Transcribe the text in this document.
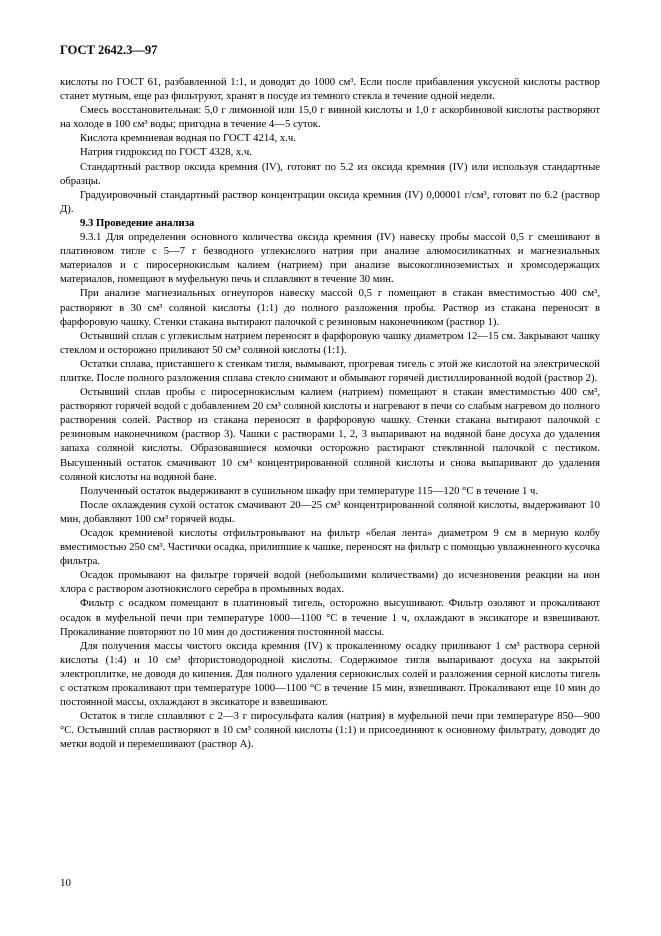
ГОСТ 2642.3—97

кислоты по ГОСТ 61, разбавленной 1:1, и доводят до 1000 см³. Если после прибавления уксусной кислоты раствор станет мутным, еще раз фильтруют, хранят в посуде из темного стекла в течение одной недели.

Смесь восстановительная: 5,0 г лимонной или 15,0 г винной кислоты и 1,0 г аскорбиновой кислоты растворяют на холоде в 100 см³ воды; пригодна в течение 4—5 суток.

Кислота кремниевая водная по ГОСТ 4214, х.ч.

Натрия гидроксид по ГОСТ 4328, х.ч.

Стандартный раствор оксида кремния (IV), готовят по 5.2 из оксида кремния (IV) или используя стандартные образцы.

Градуировочный стандартный раствор концентрации оксида кремния (IV) 0,00001 г/см³, готовят по 6.2 (раствор Д).

9.3 Проведение анализа

9.3.1 Для определения основного количества оксида кремния (IV) навеску пробы массой 0,5 г смешивают в платиновом тигле с 5—7 г безводного углекислого натрия при анализе алюмосиликатных и магнезиальных материалов и с пиросернокислым калием (натрием) при анализе высокоглиноземистых и хромсодержащих материалов, помещают в муфельную печь и сплавляют в течение 30 мин.

При анализе магнезиальных огнеупоров навеску массой 0,5 г помещают в стакан вместимостью 400 см³, растворяют в 30 см³ соляной кислоты (1:1) до полного разложения пробы. Раствор из стакана переносят в фарфоровую чашку. Стенки стакана вытирают палочкой с резиновым наконечником (раствор 1).

Остывший сплав с углекислым натрием переносят в фарфоровую чашку диаметром 12—15 см. Закрывают чашку стеклом и осторожно приливают 50 см³ соляной кислоты (1:1).

Остатки сплава, приставшего к стенкам тигля, вымывают, прогревая тигель с этой же кислотой на электрической плитке. После полного разложения сплава стекло снимают и обмывают горячей дистиллированной водой (раствор 2).

Остывший сплав пробы с пиросернокислым калием (натрием) помещают в стакан вместимостью 400 см³, растворяют горячей водой с добавлением 20 см³ соляной кислоты и нагревают в печи со слабым нагревом до полного растворения солей. Раствор из стакана переносят в фарфоровую чашку. Стенки стакана вытирают палочкой с резиновым наконечником (раствор 3). Чашки с растворами 1, 2, 3 выпаривают на водяной бане досуха до удаления запаха соляной кислоты. Образовавшиеся комочки осторожно растирают стеклянной палочкой с пестиком. Высушенный остаток смачивают 10 см³ концентрированной соляной кислоты и снова выпаривают до удаления соляной кислоты на водяной бане.

Полученный остаток выдерживают в сушильном шкафу при температуре 115—120 °С в течение 1 ч.

После охлаждения сухой остаток смачивают 20—25 см³ концентрированной соляной кислоты, выдерживают 10 мин, добавляют 100 см³ горячей воды.

Осадок кремниевой кислоты отфильтровывают на фильтр «белая лента» диаметром 9 см в мерную колбу вместимостью 250 см³. Частички осадка, прилипшие к чашке, переносят на фильтр с помощью увлажненного кусочка фильтра.

Осадок промывают на фильтре горячей водой (небольшими количествами) до исчезновения реакции на ион хлора с раствором азотнокислого серебра в промывных водах.

Фильтр с осадком помещают в платиновый тигель, осторожно высушивают. Фильтр озоляют и прокаливают осадок в муфельной печи при температуре 1000—1100 °С в течение 1 ч, охлаждают в эксикаторе и взвешивают. Прокаливание повторяют по 10 мин до достижения постоянной массы.

Для получения массы чистого оксида кремния (IV) к прокаленному осадку приливают 1 см³ раствора серной кислоты (1:4) и 10 см³ фтористоводородной кислоты. Содержимое тигля выпаривают досуха на закрытой электроплитке, не доводя до кипения. Для полного удаления сернокислых солей и разложения серной кислоты тигель с остатком прокаливают при температуре 1000—1100 °С в течение 15 мин, взвешивают. Прокаливают еще 10 мин до постоянной массы, охлаждают в эксикаторе и взвешивают.

Остаток в тигле сплавляют с 2—3 г пиросульфата калия (натрия) в муфельной печи при температуре 850—900 °С. Остывший сплав растворяют в 10 см³ соляной кислоты (1:1) и присоединяют к основному фильтрату, доводят до метки водой и перемешивают (раствор А).

10
